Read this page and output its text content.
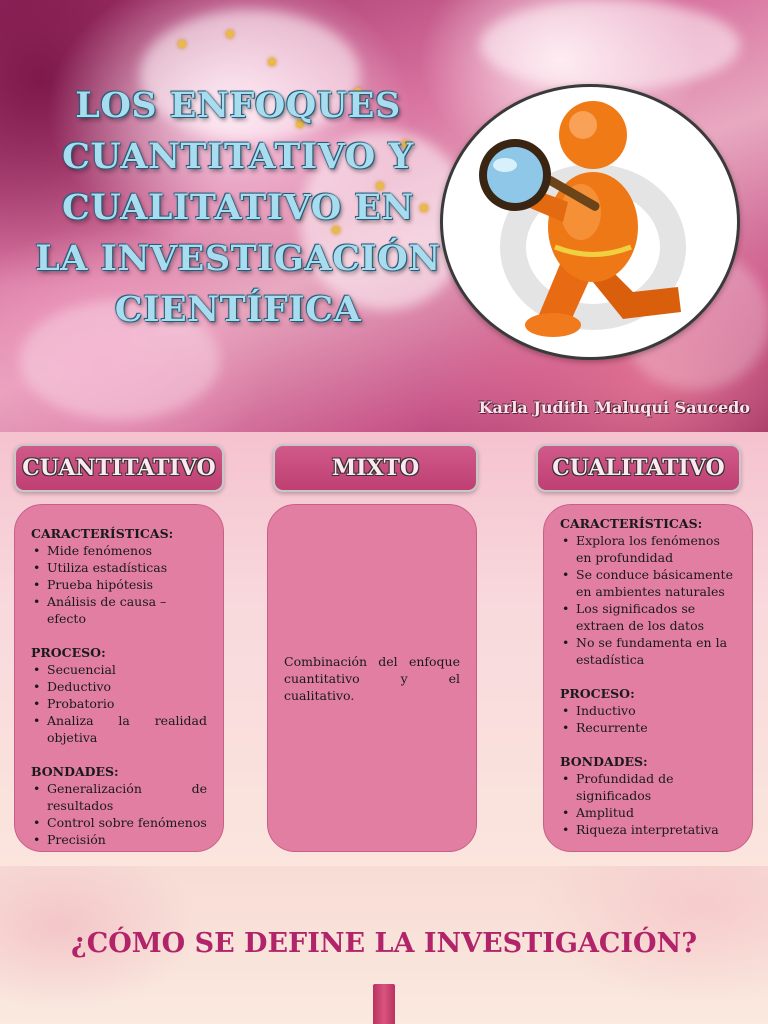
LOS ENFOQUES
CUANTITATIVO Y
CUALITATIVO EN
LA INVESTIGACIÓN
CIENTÍFICA
Karla Judith Maluqui Saucedo
CUANTITATIVO
CARACTERÍSTICAS:
• Mide fenómenos
• Utiliza estadísticas
• Prueba hipótesis
• Análisis de causa – efecto
PROCESO:
• Secuencial
• Deductivo
• Probatorio
• Analiza la realidad objetiva
BONDADES:
• Generalización de resultados
• Control sobre fenómenos
• Precisión
MIXTO
Combinación del enfoque cuantitativo y el cualitativo.
CUALITATIVO
CARACTERÍSTICAS:
• Explora los fenómenos en profundidad
• Se conduce básicamente en ambientes naturales
• Los significados se extraen de los datos
• No se fundamenta en la estadística
PROCESO:
• Inductivo
• Recurrente
BONDADES:
• Profundidad de significados
• Amplitud
• Riqueza interpretativa
¿CÓMO SE DEFINE LA INVESTIGACIÓN?
